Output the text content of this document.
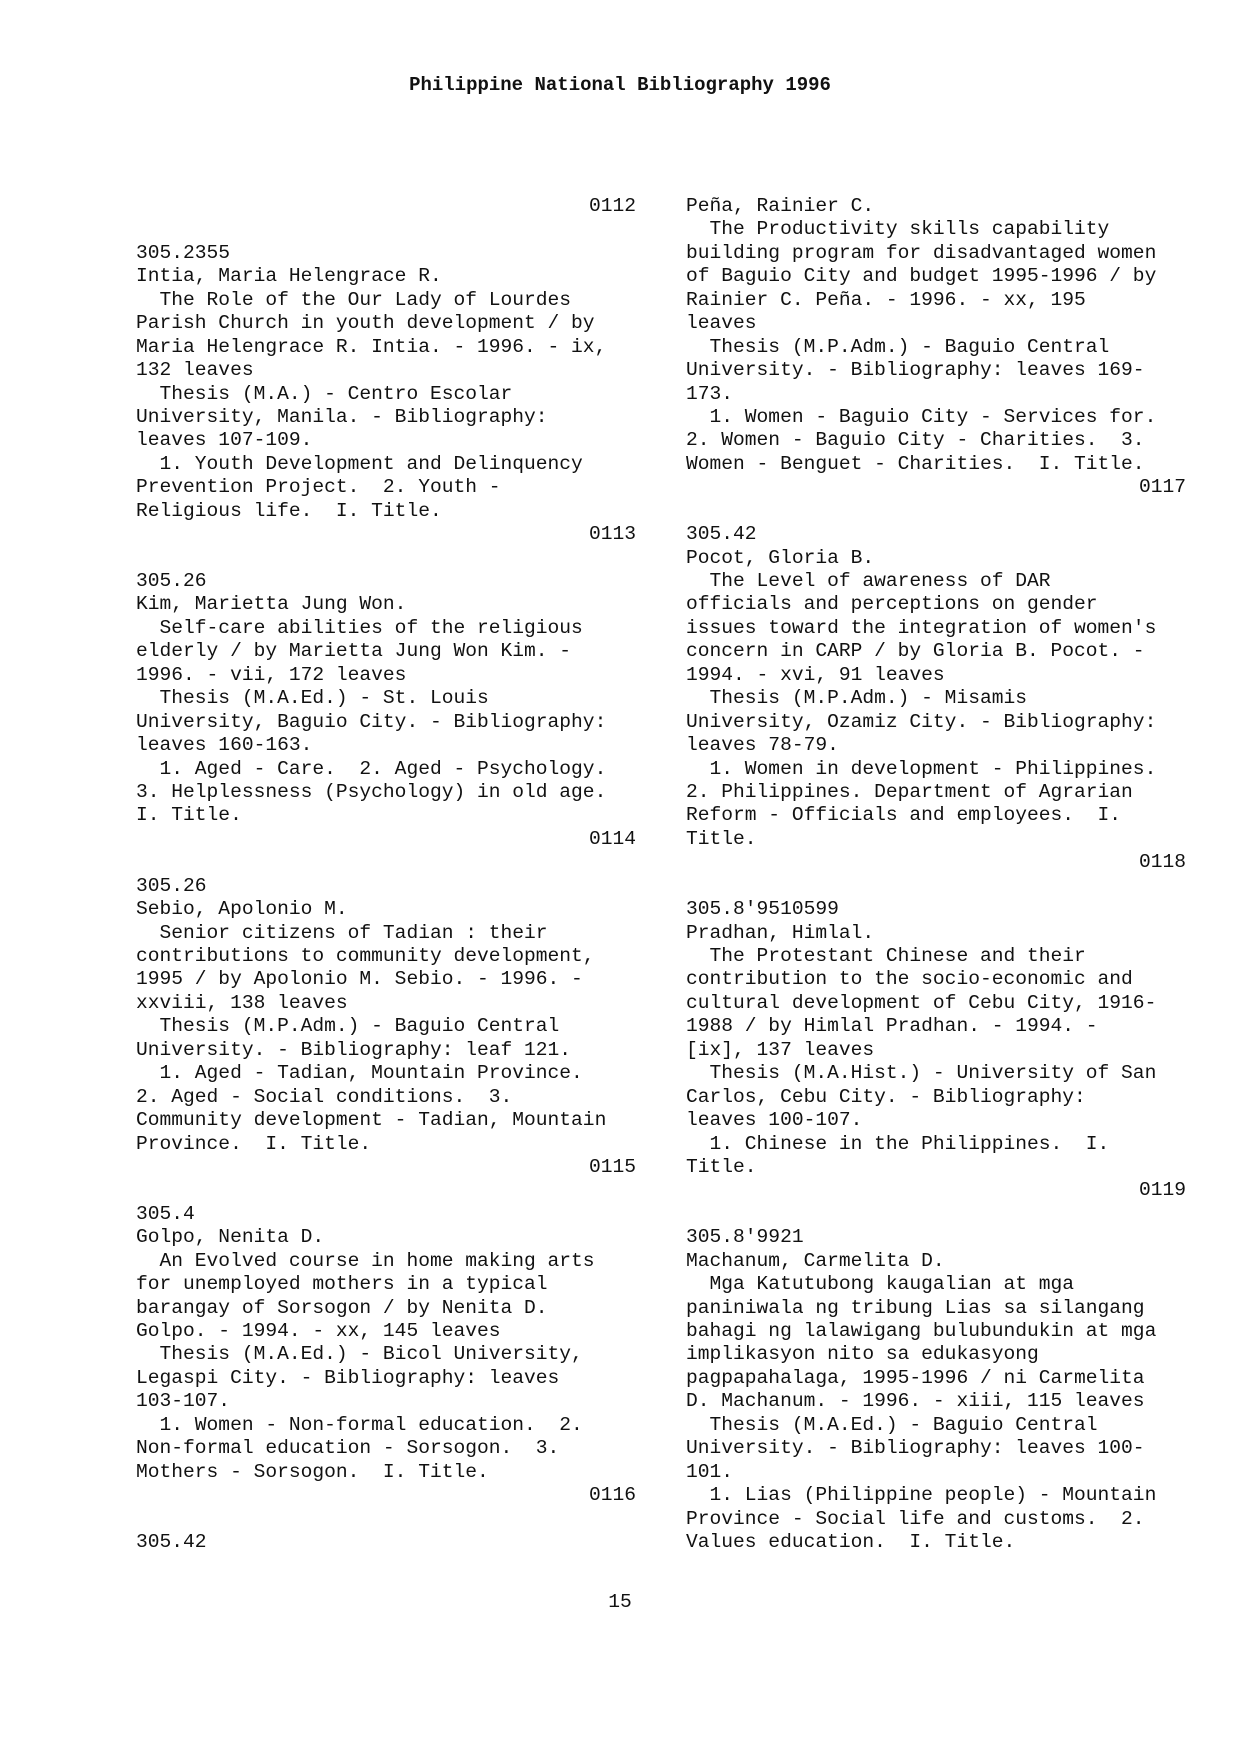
Philippine National Bibliography 1996
0112
305.2355
Intia, Maria Helengrace R.
The Role of the Our Lady of Lourdes
Parish Church in youth development / by
Maria Helengrace R. Intia. - 1996. - ix,
132 leaves
Thesis (M.A.) - Centro Escolar
University, Manila. - Bibliography:
leaves 107-109.
1. Youth Development and Delinquency
Prevention Project.  2. Youth -
Religious life.  I. Title.
0113
305.26
Kim, Marietta Jung Won.
Self-care abilities of the religious
elderly / by Marietta Jung Won Kim. -
1996. - vii, 172 leaves
Thesis (M.A.Ed.) - St. Louis
University, Baguio City. - Bibliography:
leaves 160-163.
1. Aged - Care.  2. Aged - Psychology.
3. Helplessness (Psychology) in old age.
I. Title.
0114
305.26
Sebio, Apolonio M.
Senior citizens of Tadian : their
contributions to community development,
1995 / by Apolonio M. Sebio. - 1996. -
xxviii, 138 leaves
Thesis (M.P.Adm.) - Baguio Central
University. - Bibliography: leaf 121.
1. Aged - Tadian, Mountain Province.
2. Aged - Social conditions.  3.
Community development - Tadian, Mountain
Province.  I. Title.
0115
305.4
Golpo, Nenita D.
An Evolved course in home making arts
for unemployed mothers in a typical
barangay of Sorsogon / by Nenita D.
Golpo. - 1994. - xx, 145 leaves
Thesis (M.A.Ed.) - Bicol University,
Legaspi City. - Bibliography: leaves
103-107.
1. Women - Non-formal education.  2.
Non-formal education - Sorsogon.  3.
Mothers - Sorsogon.  I. Title.
0116
305.42
Peña, Rainier C.
The Productivity skills capability
building program for disadvantaged women
of Baguio City and budget 1995-1996 / by
Rainier C. Peña. - 1996. - xx, 195
leaves
Thesis (M.P.Adm.) - Baguio Central
University. - Bibliography: leaves 169-
173.
1. Women - Baguio City - Services for.
2. Women - Baguio City - Charities.  3.
Women - Benguet - Charities.  I. Title.
0117
305.42
Pocot, Gloria B.
The Level of awareness of DAR
officials and perceptions on gender
issues toward the integration of women's
concern in CARP / by Gloria B. Pocot. -
1994. - xvi, 91 leaves
Thesis (M.P.Adm.) - Misamis
University, Ozamiz City. - Bibliography:
leaves 78-79.
1. Women in development - Philippines.
2. Philippines. Department of Agrarian
Reform - Officials and employees.  I.
Title.
0118
305.8'9510599
Pradhan, Himlal.
The Protestant Chinese and their
contribution to the socio-economic and
cultural development of Cebu City, 1916-
1988 / by Himlal Pradhan. - 1994. -
[ix], 137 leaves
Thesis (M.A.Hist.) - University of San
Carlos, Cebu City. - Bibliography:
leaves 100-107.
1. Chinese in the Philippines.  I.
Title.
0119
305.8'9921
Machanum, Carmelita D.
Mga Katutubong kaugalian at mga
paniniwala ng tribung Lias sa silangang
bahagi ng lalawigang bulubundukin at mga
implikasyon nito sa edukasyong
pagpapahalaga, 1995-1996 / ni Carmelita
D. Machanum. - 1996. - xiii, 115 leaves
Thesis (M.A.Ed.) - Baguio Central
University. - Bibliography: leaves 100-
101.
1. Lias (Philippine people) - Mountain
Province - Social life and customs.  2.
Values education.  I. Title.
15
